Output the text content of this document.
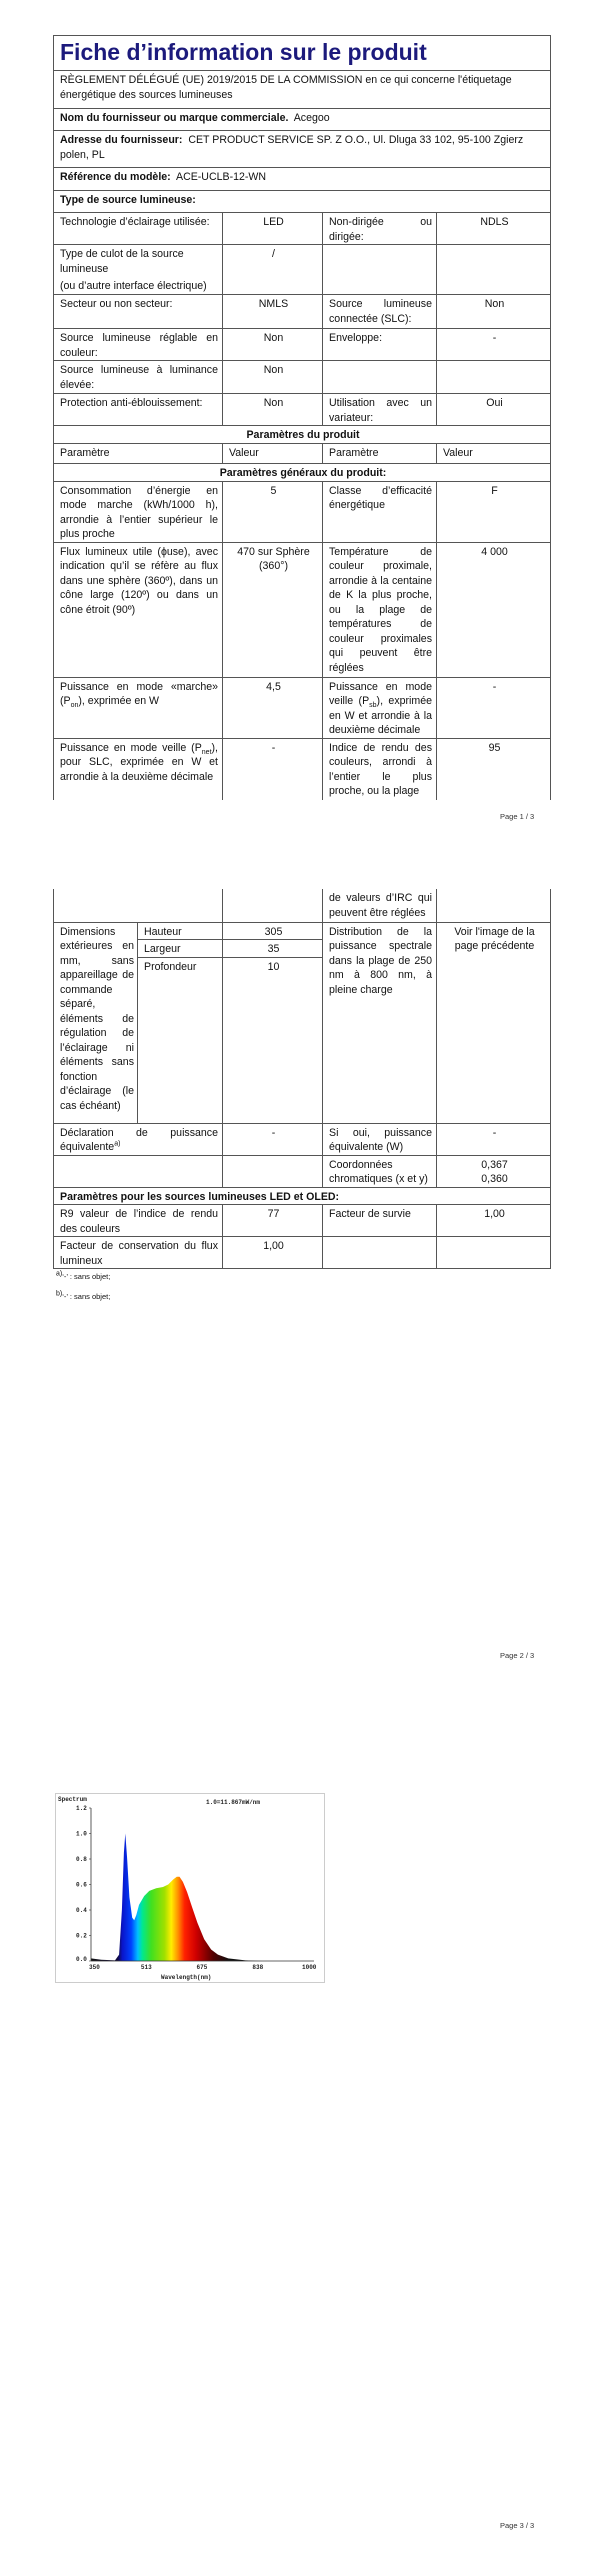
Fiche d’information sur le produit			
RÈGLEMENT DÉLÉGUÉ (UE) 2019/2015 DE LA COMMISSION en ce qui concerne l'étiquetage énergétique des sources lumineuses			
Nom du fournisseur ou marque commerciale. Acegoo			
Adresse du fournisseur: CET PRODUCT SERVICE SP. Z O.O., Ul. Dluga 33 102, 95-100 Zgierz polen, PL			
Référence du modèle: ACE-UCLB-12-WN			
Type de source lumineuse:			
Technologie d’éclairage utilisée:	LED	Non-dirigée ou dirigée:	NDLS

Type de culot de la source lumineuse
(ou d’autre interface électrique)	/		
Secteur ou non secteur:	NMLS	Source lumineuse connectée (SLC):	Non
Source lumineuse réglable en couleur:	Non	Enveloppe:	-
Source lumineuse à luminance élevée:	Non		
Protection anti-éblouissement:	Non	Utilisation avec un variateur:	Oui
Paramètres du produit			
Paramètre	Valeur	Paramètre	Valeur
Paramètres généraux du produit:			
Consommation d’énergie en mode marche (kWh/1000 h), arrondie à l’entier supérieur le plus proche	5	Classe d’efficacité énergétique	F
Flux lumineux utile (ϕuse), avec indication qu’il se réfère au flux dans une sphère (360º), dans un cône large (120º) ou dans un cône étroit (90º)	470 sur Sphère (360°)	Température de couleur proximale, arrondie à la centaine de K la plus proche, ou la plage de températures de couleur proximales qui peuvent être réglées	4 000
Puissance en mode «marche» $(P_{on})$, exprimée en W	4,5	Puissance en mode veille $(P_{sb})$, exprimée en W et arrondie à la deuxième décimale	-
Puissance en mode veille $(P_{net})$, pour SLC, exprimée en W et arrondie à la deuxième décimale	-	Indice de rendu des couleurs, arrondi à l’entier le plus proche, ou la plage	95
Page 1 / 3
			de valeurs d’IRC qui peuvent être réglées	
Dimensions extérieures en mm, sans appareillage de commande séparé, éléments de régulation de l’éclairage ni éléments sans fonction d’éclairage (le cas échéant)	Hauteur	305	Distribution de la puissance spectrale dans la plage de 250 nm à 800 nm, à pleine charge	Voir l'image de la page précédente
	Largeur	35		
	Profondeur	10		
Déclaration de puissance équivalente$^{a)}$		-	Si oui, puissance équivalente (W)	-
			Coordonnées chromatiques (x et y)	0,367
0,360

Paramètres pour les sources lumineuses LED et OLED:				
R9 valeur de l’indice de rendu des couleurs		77	Facteur de survie	1,00
Facteur de conservation du flux lumineux		1,00		
$^{a)}$‘-’ : sans objet;
$^{b)}$‘-’ : sans objet;
Page 2 / 3
Spectrum	1.0=11.867mW/nm
Wavelength(nm)
0.0
0.2
0.4
0.6
0.8
1.0
1.2
350	513	675	838	1000
Page 3 / 3
